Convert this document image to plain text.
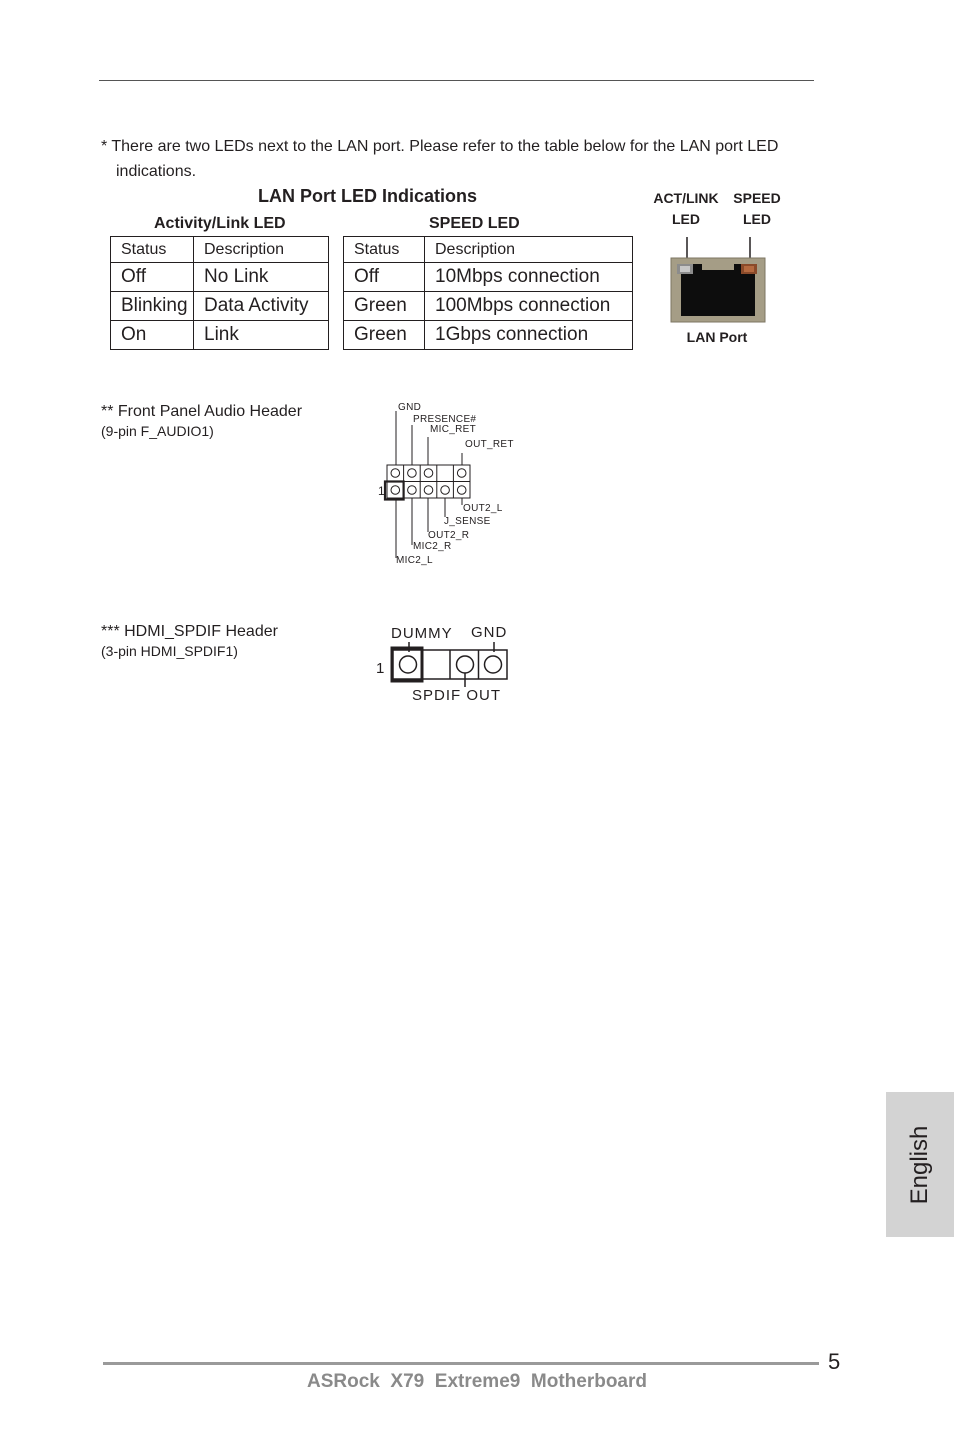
* There are two LEDs next to the LAN port. Please refer to the table below for the LAN port LED
indications.
LAN Port LED Indications
Activity/Link LED	SPEED LED
Status	Description
Off	No Link
Blinking	Data Activity
On	Link
Status	Description
Off	10Mbps connection
Green	100Mbps connection
Green	1Gbps connection
ACT/LINK
LED
SPEED
LED
LAN Port
** Front Panel Audio Header
(9-pin F_AUDIO1)
1
GND
PRESENCE#
MIC_RET
OUT_RET
OUT2_L
J_SENSE
OUT2_R
MIC2_R
MIC2_L
*** HDMI_SPDIF Header
(3-pin HDMI_SPDIF1)
1
DUMMY GND
SPDIF OUT
English
5
ASRock  X79  Extreme9  Motherboard
